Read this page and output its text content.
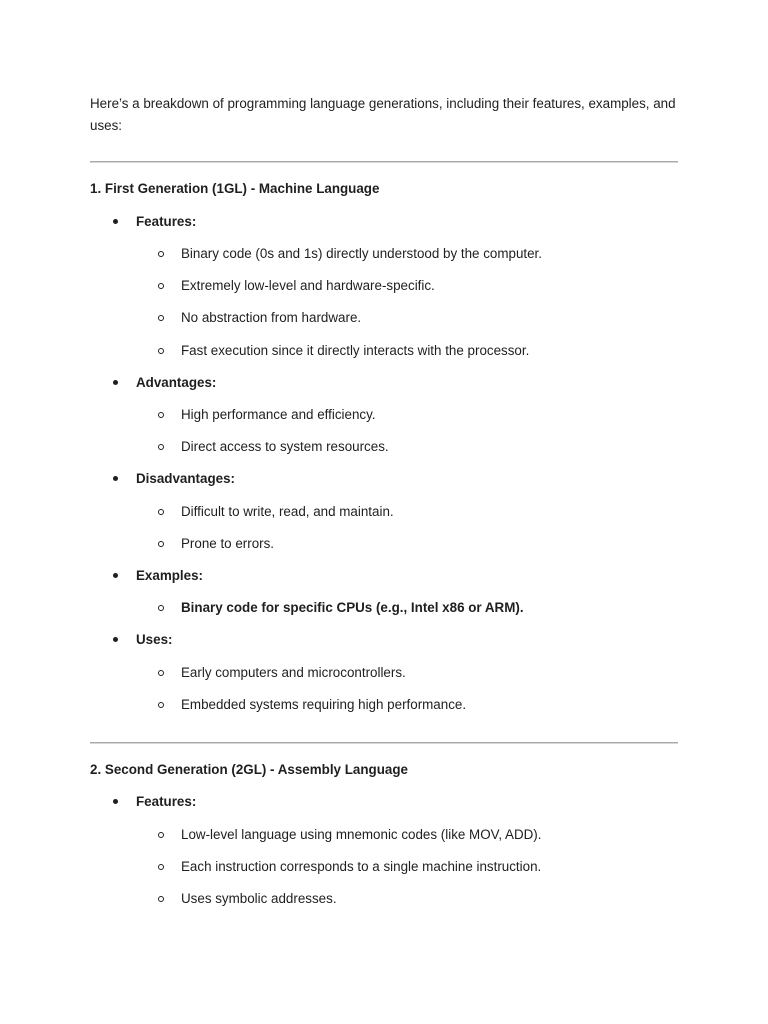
Here’s a breakdown of programming language generations, including their features, examples, and uses:
1. First Generation (1GL) - Machine Language
Features:
Binary code (0s and 1s) directly understood by the computer.
Extremely low-level and hardware-specific.
No abstraction from hardware.
Fast execution since it directly interacts with the processor.
Advantages:
High performance and efficiency.
Direct access to system resources.
Disadvantages:
Difficult to write, read, and maintain.
Prone to errors.
Examples:
Binary code for specific CPUs (e.g., Intel x86 or ARM).
Uses:
Early computers and microcontrollers.
Embedded systems requiring high performance.
2. Second Generation (2GL) - Assembly Language
Features:
Low-level language using mnemonic codes (like MOV, ADD).
Each instruction corresponds to a single machine instruction.
Uses symbolic addresses.
